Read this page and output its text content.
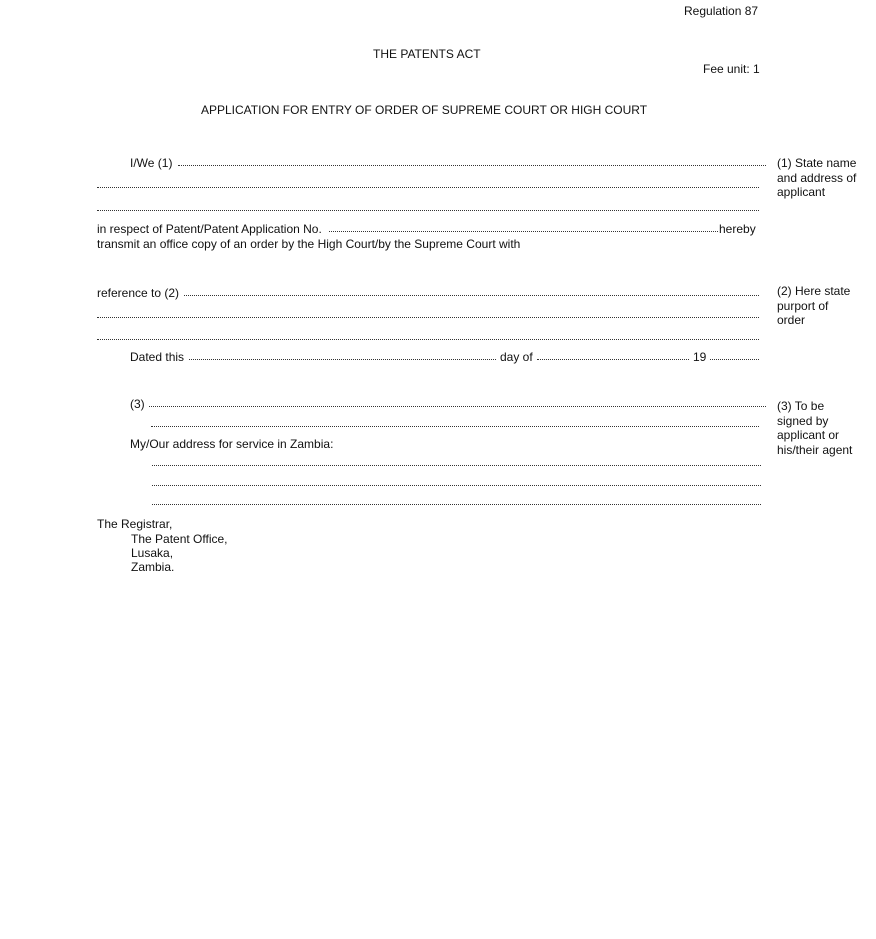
Regulation 87
THE PATENTS ACT
Fee unit: 1
APPLICATION FOR ENTRY OF ORDER OF SUPREME COURT OR HIGH COURT
I/We (1)	(1) State name
and address of
applicant
in respect of Patent/Patent Application No.	hereby
transmit an office copy of an order by the High Court/by the Supreme Court with
reference to (2)	(2) Here state
purport of
order
Dated this	day of	19
(3)	(3) To be
signed by
applicant or
his/their agent
My/Our address for service in Zambia:
The Registrar,
The Patent Office,
Lusaka,
Zambia.
